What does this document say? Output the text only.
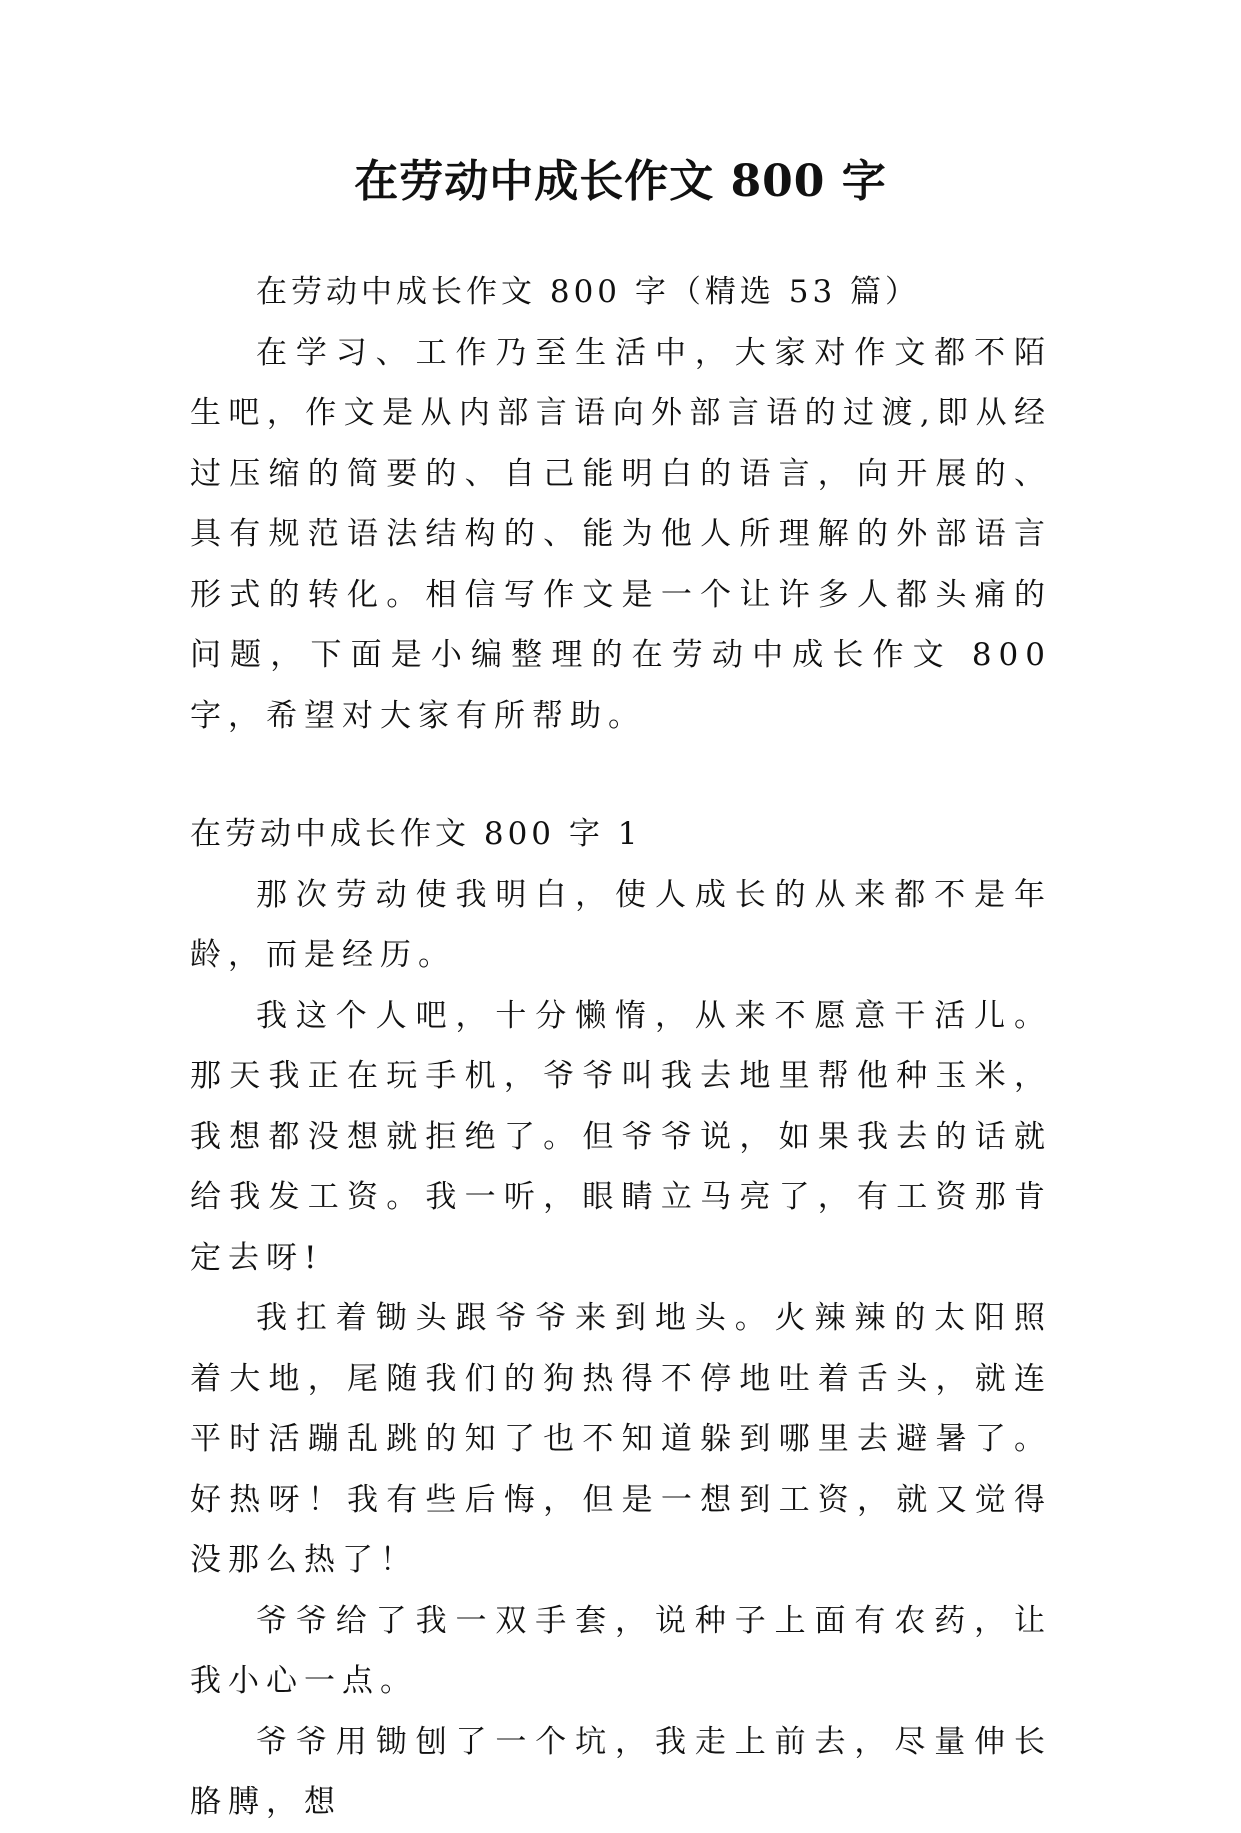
在劳动中成长作文 800 字

在劳动中成长作文 800 字（精选 53 篇）

在学习、工作乃至生活中，大家对作文都不陌生吧，作文是从内部言语向外部言语的过渡,即从经过压缩的简要的、自己能明白的语言，向开展的、具有规范语法结构的、能为他人所理解的外部语言形式的转化。相信写作文是一个让许多人都头痛的问题，下面是小编整理的在劳动中成长作文 800 字，希望对大家有所帮助。

在劳动中成长作文 800 字 1

那次劳动使我明白，使人成长的从来都不是年龄，而是经历。

我这个人吧，十分懒惰，从来不愿意干活儿。那天我正在玩手机，爷爷叫我去地里帮他种玉米，我想都没想就拒绝了。但爷爷说，如果我去的话就给我发工资。我一听，眼睛立马亮了，有工资那肯定去呀!

我扛着锄头跟爷爷来到地头。火辣辣的太阳照着大地，尾随我们的狗热得不停地吐着舌头，就连平时活蹦乱跳的知了也不知道躲到哪里去避暑了。好热呀！我有些后悔，但是一想到工资，就又觉得没那么热了！

爷爷给了我一双手套，说种子上面有农药，让我小心一点。

爷爷用锄刨了一个坑，我走上前去，尽量伸长胳膊，想
